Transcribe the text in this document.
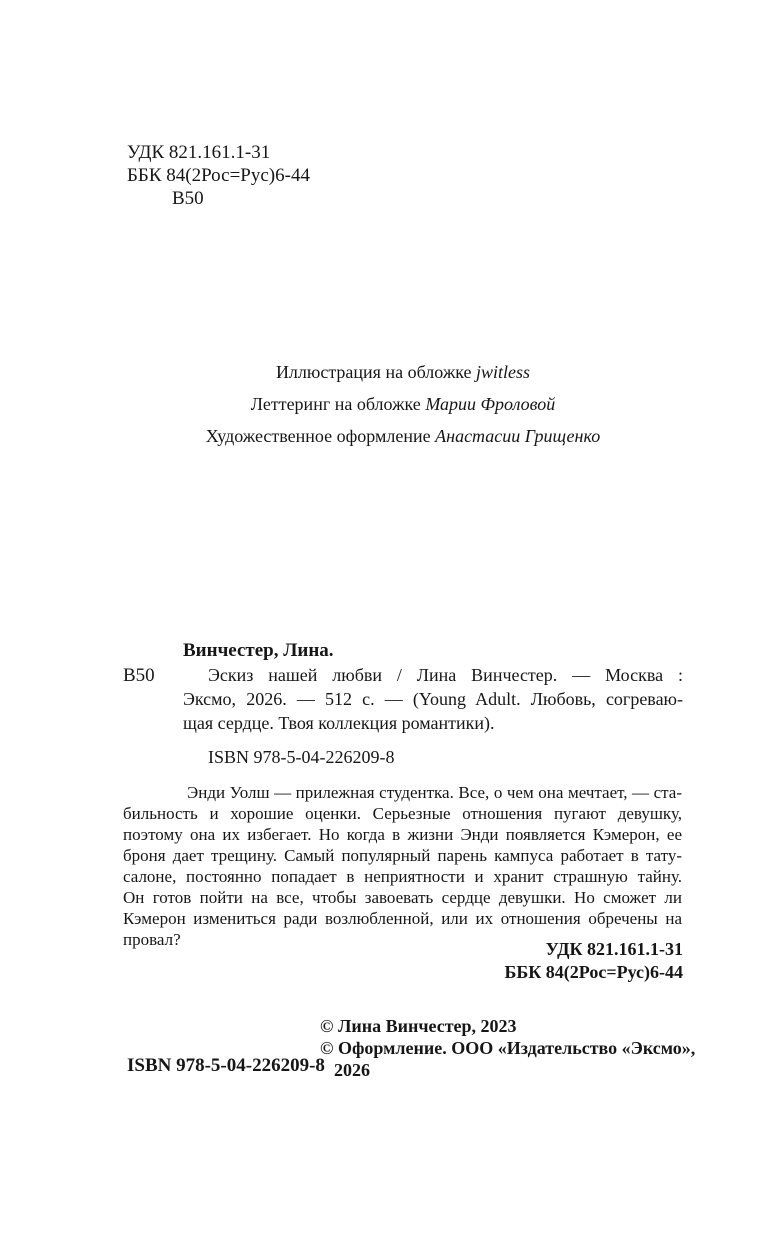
УДК 821.161.1-31
ББК 84(2Рос=Рус)6-44
В50
Иллюстрация на обложке jwitless
Леттеринг на обложке Марии Фроловой
Художественное оформление Анастасии Грищенко
Винчестер, Лина.
В50	Эскиз нашей любви / Лина Винчестер. — Москва :
Эксмо, 2026. — 512 с. — (Young Adult. Любовь, согреваю-
щая сердце. Твоя коллекция романтики).
ISBN 978-5-04-226209-8
Энди Уолш — прилежная студентка. Все, о чем она мечтает, — ста-
бильность и хорошие оценки. Серьезные отношения пугают девушку,
поэтому она их избегает. Но когда в жизни Энди появляется Кэмерон, ее
броня дает трещину. Самый популярный парень кампуса работает в тату-
салоне, постоянно попадает в неприятности и хранит страшную тайну.
Он готов пойти на все, чтобы завоевать сердце девушки. Но сможет ли
Кэмерон измениться ради возлюбленной, или их отношения обречены на
провал?	УДК 821.161.1-31
ББК 84(2Рос=Рус)6-44
ISBN 978-5-04-226209-8
© Лина Винчестер, 2023
© Оформление. ООО «Издательство «Эксмо»,
2026
